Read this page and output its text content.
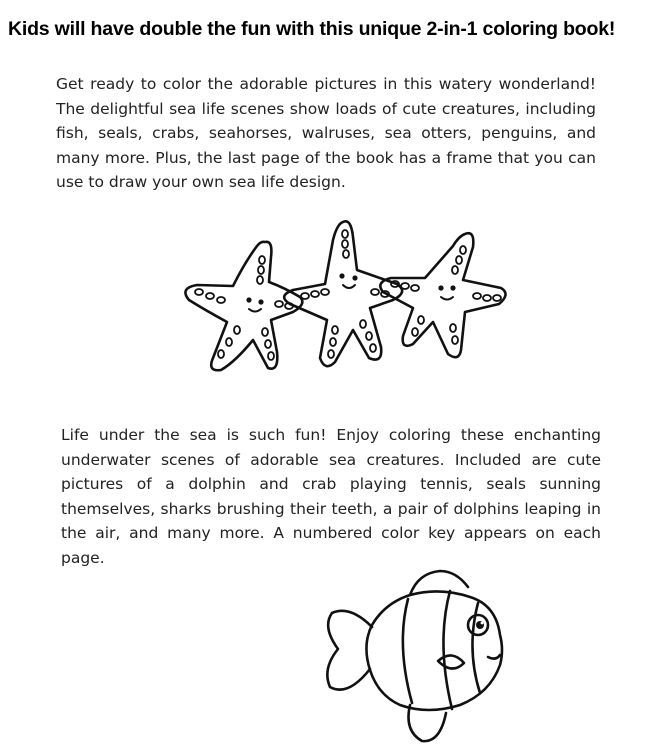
Kids will have double the fun with this unique 2-in-1 coloring book!
Get ready to color the adorable pictures in this watery wonderland! The delightful sea life scenes show loads of cute creatures, including fish, seals, crabs, seahorses, walruses, sea otters, penguins, and many more. Plus, the last page of the book has a frame that you can use to draw your own sea life design.
Life under the sea is such fun! Enjoy coloring these enchanting underwater scenes of adorable sea creatures. Included are cute pictures of a dolphin and crab playing tennis, seals sunning themselves, sharks brushing their teeth, a pair of dolphins leaping in the air, and many more. A numbered color key appears on each page.
